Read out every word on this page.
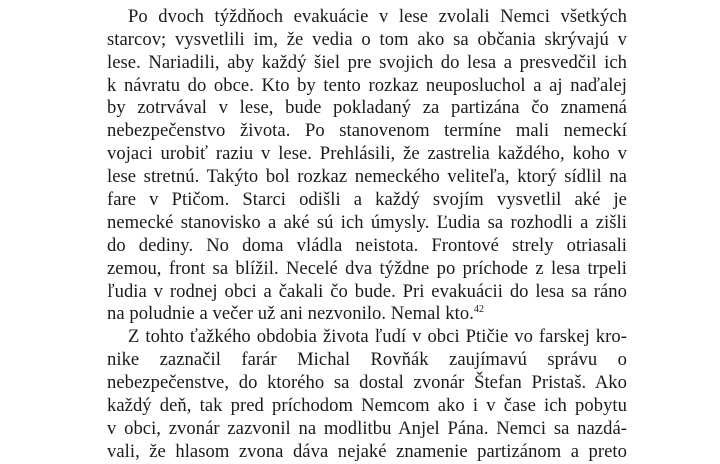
Po dvoch týždňoch evakuácie v lese zvolali Nemci všetkých
starcov; vysvetlili im, že vedia o tom ako sa občania skrývajú v
lese. Nariadili, aby každý šiel pre svojich do lesa a presvedčil ich
k návratu do obce. Kto by tento rozkaz neuposluchol a aj naďalej
by zotrvával v lese, bude pokladaný za partizána čo znamená
nebezpečenstvo života. Po stanovenom termíne mali nemeckí
vojaci urobiť raziu v lese. Prehlásili, že zastrelia každého, koho v
lese stretnú. Takýto bol rozkaz nemeckého veliteľa, ktorý sídlil na
fare v Ptičom. Starci odišli a každý svojím vysvetlil aké je
nemecké stanovisko a aké sú ich úmysly. Ľudia sa rozhodli a zišli
do dediny. No doma vládla neistota. Frontové strely otriasali
zemou, front sa blížil. Necelé dva týždne po príchode z lesa trpeli
ľudia v rodnej obci a čakali čo bude. Pri evakuácii do lesa sa ráno
na poludnie a večer už ani nezvonilo. Nemal kto.$^{42}$
Z tohto ťažkého obdobia života ľudí v obci Ptičie vo farskej kro-
nike zaznačil farár Michal Rovňák zaujímavú správu o
nebezpečenstve, do ktorého sa dostal zvonár Štefan Pristaš. Ako
každý deň, tak pred príchodom Nemcom ako i v čase ich pobytu
v obci, zvonár zazvonil na modlitbu Anjel Pána. Nemci sa nazdá-
vali, že hlasom zvona dáva nejaké znamenie partizánom a preto
